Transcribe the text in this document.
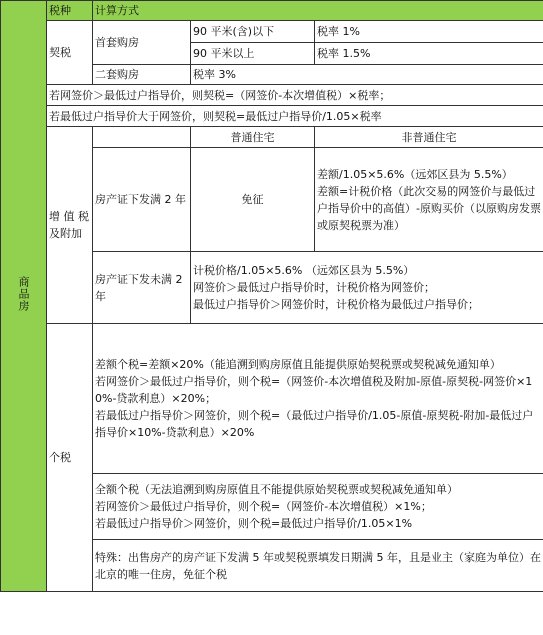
商品房	税种	计算方式		
	契税	首套购房	90 平米(含)以下	税率 1%
			90 平米以上	税率 1.5%
		二套购房	税率 3%	
	若网签价＞最低过户指导价，则契税=（网签价-本次增值税）×税率；			
	若最低过户指导价大于网签价，则契税=最低过户指导价/1.05×税率			
	增 值 税 及附加		普通住宅	非普通住宅
		房产证下发满 2 年	免征	差额/1.05×5.6%（远郊区县为 5.5%）
差额=计税价格（此次交易的网签价与最低过户指导价中的高值）-原购买价（以原购房发票或原契税票为准）

		房产证下发未满 2 年	计税价格/1.05×5.6% （远郊区县为 5.5%）
网签价＞最低过户指导价时，计税价格为网签价；
最低过户指导价＞网签价时，计税价格为最低过户指导价；	

	个税	差额个税=差额×20%（能追溯到购房原值且能提供原始契税票或契税减免通知单）
若网签价＞最低过户指导价，则个税=（网签价-本次增值税及附加-原值-原契税-网签价×10%-贷款利息）×20%；
若最低过户指导价＞网签价，则个税=（最低过户指导价/1.05-原值-原契税-附加-最低过户指导价×10%-贷款利息）×20%		

		全额个税（无法追溯到购房原值且不能提供原始契税票或契税减免通知单）
若网签价＞最低过户指导价，则个税=（网签价-本次增值税）×1%；
若最低过户指导价＞网签价，则个税=最低过户指导价/1.05×1%		

		特殊：出售房产的房产证下发满 5 年或契税票填发日期满 5 年，且是业主（家庭为单位）在北京的唯一住房，免征个税		
